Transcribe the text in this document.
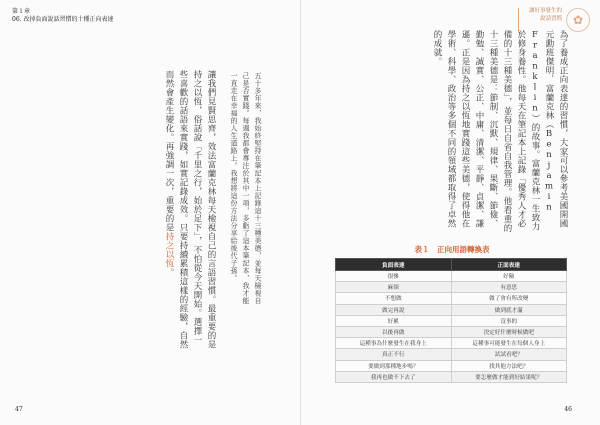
第１章
06. 改掉負面說話習慣的十種正向表達
讓我們見賢思齊，效法富蘭克林每天檢視自己的言語習慣。最重要的是持之以恆，俗話說「千里之行，始於足下」，不怕從今天開始。選擇一些喜歡的話語來實踐，如實記錄成效。只要持續累積這樣的經驗，自然而然會產生變化。再強調一次，重要的是持之以恆。	五十多年來，我始終堅持在筆記本上記錄這十三種美德，並每天檢視自己是否實踐。每週我都會專注於其中一項，多虧了這本筆記本，我才能一直走在幸福的人生道路上。我想將這份方法分享給後代子孫。
47
讓好事發生的
說話習慣 ✿
為了養成正向表達的習慣，大家可以參考美國開國元勳班傑明．富蘭克林（Benjamin Franklin）的故事。富蘭克林一生致力於修身養性。他每天在筆記本上記錄「優秀人才必備的十三種美德」，並每日自省自我管理。他看重的十三種美德是：節制、沉默、規律、果斷、節儉、勤勉、誠實、公正、中庸、清潔、平靜、貞潔、謙遜。正是因為持之以恆地實踐這些美德，使得他在學術、科學、政治等多個不同的領域都取得了卓然的成就。
表１　正向用語轉換表
負面表達	正面表達
很慘	好險
麻煩	有意思
不想做	做了會有所改變
做完再說	做到底才滿
好累	沒事的
以後再做	決定好什麼時候做吧
這種事為什麼發生在我身上	這種事可能發生在每個人身上
真正不行	試試看吧？
要做到那種地步嗎？	找其他方法吧？
我再也做不下去了	要怎麼做才能到好結果呢？
46
